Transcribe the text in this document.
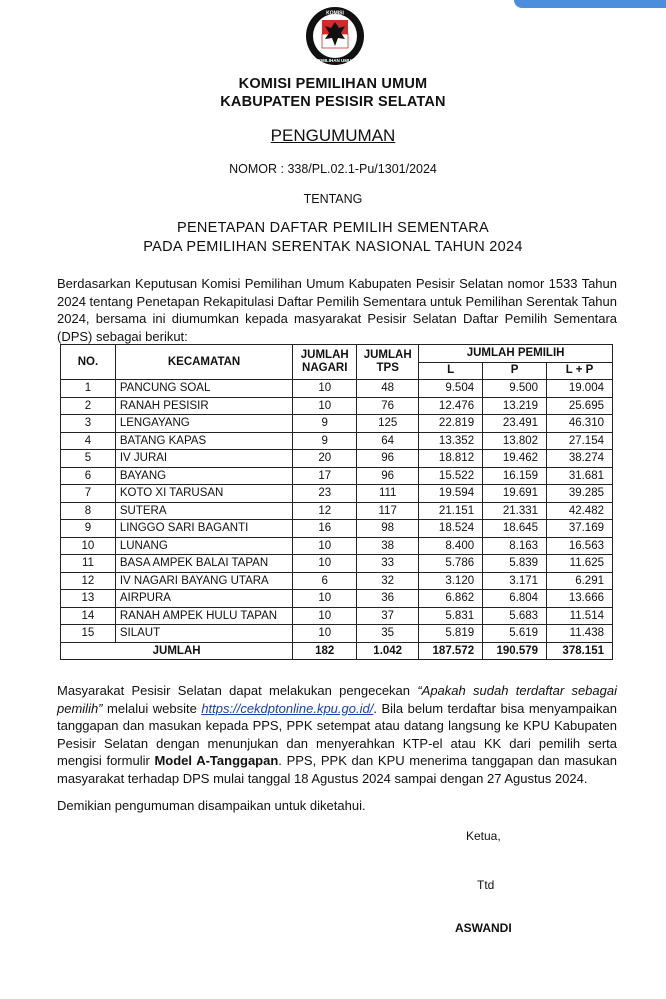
KOMISI
PEMILIHAN UMUM
KOMISI PEMILIHAN UMUM
KABUPATEN PESISIR SELATAN
PENGUMUMAN
NOMOR : 338/PL.02.1-Pu/1301/2024
TENTANG
PENETAPAN DAFTAR PEMILIH SEMENTARA
PADA PEMILIHAN SERENTAK NASIONAL TAHUN 2024
Berdasarkan Keputusan Komisi Pemilihan Umum Kabupaten Pesisir Selatan nomor 1533 Tahun 2024 tentang Penetapan Rekapitulasi Daftar Pemilih Sementara untuk Pemilihan Serentak Tahun 2024, bersama ini diumumkan kepada masyarakat Pesisir Selatan Daftar Pemilih Sementara (DPS) sebagai berikut:
NO.	KECAMATAN	JUMLAH NAGARI	JUMLAH TPS	JUMLAH PEMILIH		
				L	P	L + P
1	PANCUNG SOAL	10	48	9.504	9.500	19.004
2	RANAH PESISIR	10	76	12.476	13.219	25.695
3	LENGAYANG	9	125	22.819	23.491	46.310
4	BATANG KAPAS	9	64	13.352	13.802	27.154
5	IV JURAI	20	96	18.812	19.462	38.274
6	BAYANG	17	96	15.522	16.159	31.681
7	KOTO XI TARUSAN	23	111	19.594	19.691	39.285
8	SUTERA	12	117	21.151	21.331	42.482
9	LINGGO SARI BAGANTI	16	98	18.524	18.645	37.169
10	LUNANG	10	38	8.400	8.163	16.563
11	BASA AMPEK BALAI TAPAN	10	33	5.786	5.839	11.625
12	IV NAGARI BAYANG UTARA	6	32	3.120	3.171	6.291
13	AIRPURA	10	36	6.862	6.804	13.666
14	RANAH AMPEK HULU TAPAN	10	37	5.831	5.683	11.514
15	SILAUT	10	35	5.819	5.619	11.438
JUMLAH		182	1.042	187.572	190.579	378.151
Masyarakat Pesisir Selatan dapat melakukan pengecekan “Apakah sudah terdaftar sebagai pemilih” melalui website https://cekdptonline.kpu.go.id/. Bila belum terdaftar bisa menyampaikan tanggapan dan masukan kepada PPS, PPK setempat atau datang langsung ke KPU Kabupaten Pesisir Selatan dengan menunjukan dan menyerahkan KTP-el atau KK dari pemilih serta mengisi formulir Model A-Tanggapan. PPS, PPK dan KPU menerima tanggapan dan masukan masyarakat terhadap DPS mulai tanggal 18 Agustus 2024 sampai dengan 27 Agustus 2024.
Demikian pengumuman disampaikan untuk diketahui.
Ketua,
Ttd
ASWANDI
